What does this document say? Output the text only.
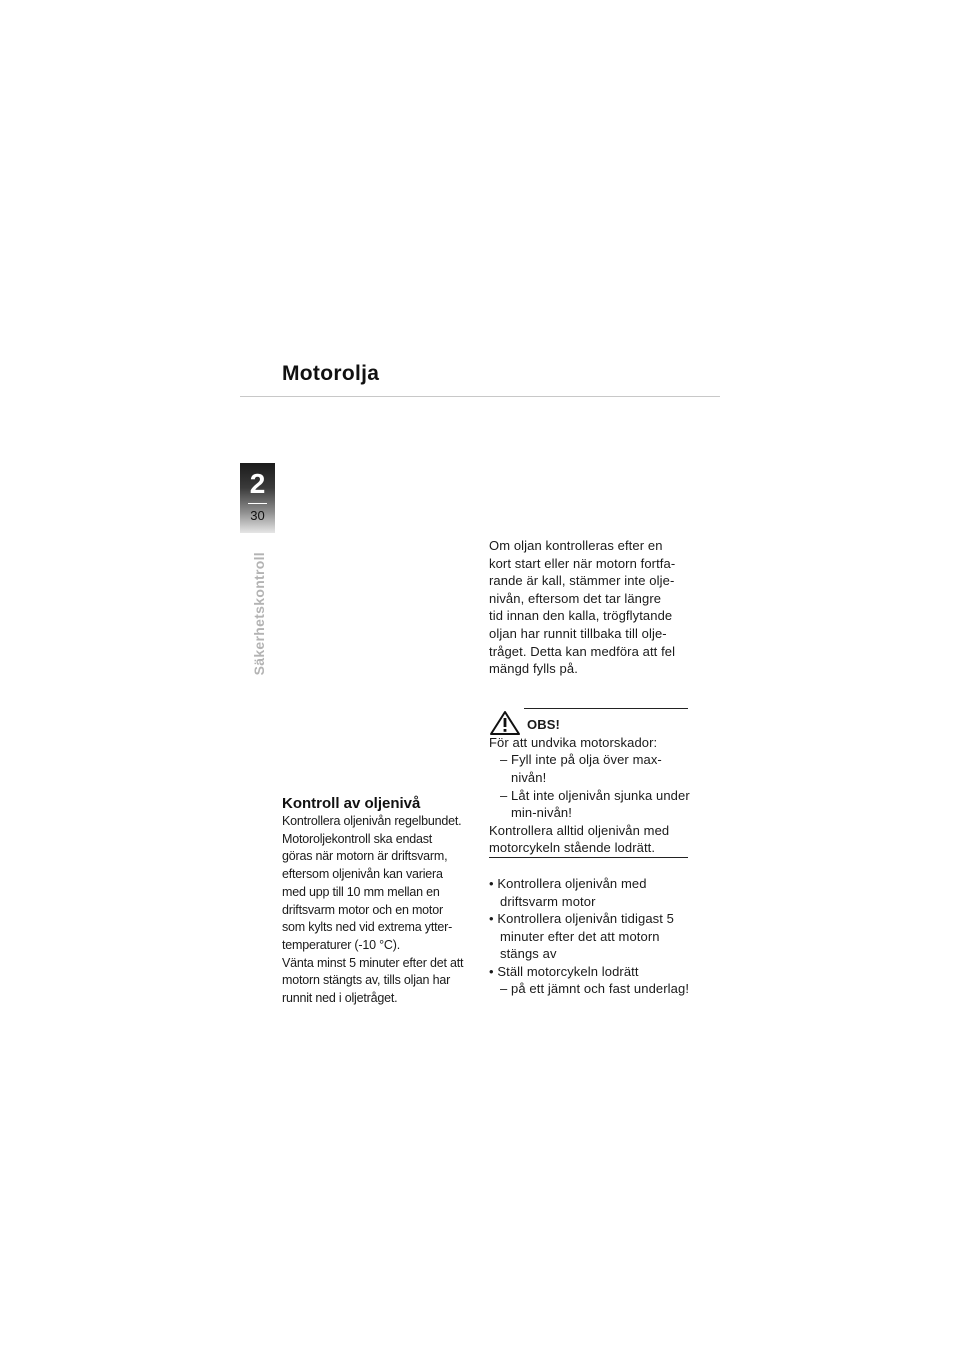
Motorolja
2
30
Säkerhetskontroll
Kontroll av oljenivå

Kontrollera oljenivån regelbundet.

Motoroljekontroll ska endast

göras när motorn är driftsvarm,

eftersom oljenivån kan variera

med upp till 10 mm mellan en

driftsvarm motor och en motor

som kylts ned vid extrema ytter-

temperaturer (-10 °C).

Vänta minst 5 minuter efter det att

motorn stängts av, tills oljan har

runnit ned i oljetråget.

Om oljan kontrolleras efter en

kort start eller när motorn fortfa-

rande är kall, stämmer inte olje-

nivån, eftersom det tar längre

tid innan den kalla, trögflytande

oljan har runnit tillbaka till olje-

tråget. Detta kan medföra att fel

mängd fylls på.

OBS!

För att undvika motorskador:

– Fyll inte på olja över max-nivån!

– Låt inte oljenivån sjunka under min-nivån!

Kontrollera alltid oljenivån med

motorcykeln stående lodrätt.

• Kontrollera oljenivån med driftsvarm motor

• Kontrollera oljenivån tidigast 5 minuter efter det att motorn stängs av

• Ställ motorcykeln lodrätt

– på ett jämnt och fast underlag!
